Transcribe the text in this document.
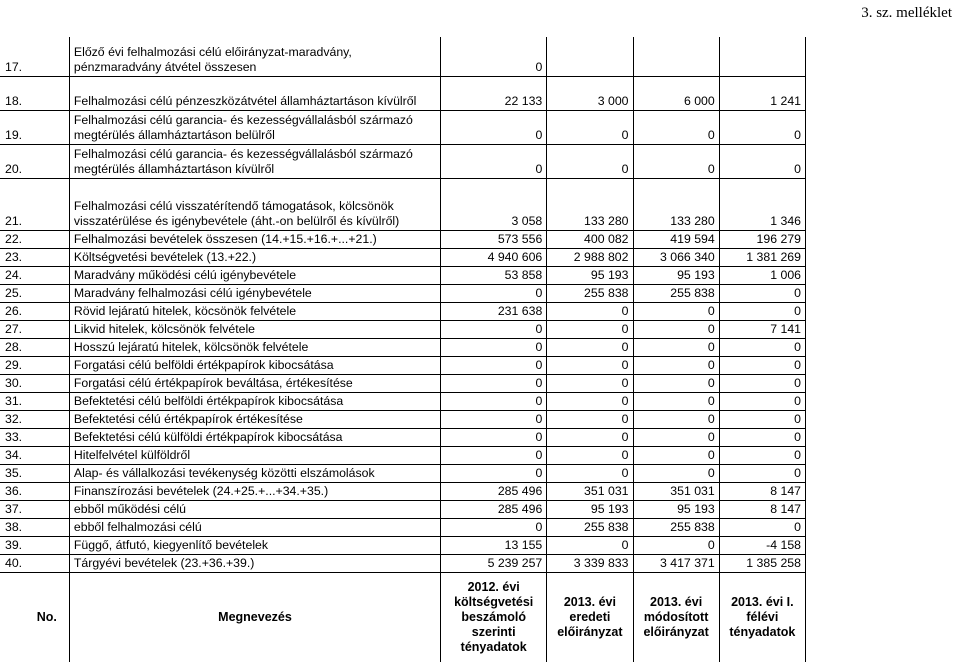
3. sz. melléklet
17.	Előző évi felhalmozási célú előirányzat-maradvány, pénzmaradvány átvétel összesen	0			
18.	Felhalmozási célú pénzeszközátvétel államháztartáson kívülről	22 133	3 000	6 000	1 241
19.	Felhalmozási célú garancia- és kezességvállalásból származó megtérülés államháztartáson belülről	0	0	0	0
20.	Felhalmozási célú garancia- és kezességvállalásból származó megtérülés államháztartáson kívülről	0	0	0	0
21.	Felhalmozási célú visszatérítendő támogatások, kölcsönök visszatérülése és igénybevétele (áht.-on belülről és kívülről)	3 058	133 280	133 280	1 346
22.	Felhalmozási bevételek összesen (14.+15.+16.+...+21.)	573 556	400 082	419 594	196 279
23.	Költségvetési bevételek (13.+22.)	4 940 606	2 988 802	3 066 340	1 381 269
24.	Maradvány működési célú igénybevétele	53 858	95 193	95 193	1 006
25.	Maradvány felhalmozási célú igénybevétele	0	255 838	255 838	0
26.	Rövid lejáratú hitelek, köcsönök felvétele	231 638	0	0	0
27.	Likvid hitelek, kölcsönök felvétele	0	0	0	7 141
28.	Hosszú lejáratú hitelek, kölcsönök felvétele	0	0	0	0
29.	Forgatási célú belföldi értékpapírok kibocsátása	0	0	0	0
30.	Forgatási célú értékpapírok beváltása, értékesítése	0	0	0	0
31.	Befektetési célú belföldi értékpapírok kibocsátása	0	0	0	0
32.	Befektetési célú értékpapírok értékesítése	0	0	0	0
33.	Befektetési célú külföldi értékpapírok kibocsátása	0	0	0	0
34.	Hitelfelvétel külföldről	0	0	0	0
35.	Alap- és vállalkozási tevékenység közötti elszámolások	0	0	0	0
36.	Finanszírozási bevételek (24.+25.+...+34.+35.)	285 496	351 031	351 031	8 147
37.	ebből működési célú	285 496	95 193	95 193	8 147
38.	ebből felhalmozási célú	0	255 838	255 838	0
39.	Függő, átfutó, kiegyenlítő bevételek	13 155	0	0	-4 158
40.	Tárgyévi bevételek (23.+36.+39.)	5 239 257	3 339 833	3 417 371	1 385 258
No.	Megnevezés	2012. évi költségvetési beszámoló szerinti tényadatok	2013. évi eredeti előirányzat	2013. évi módosított előirányzat	2013. évi I. félévi tényadatok
